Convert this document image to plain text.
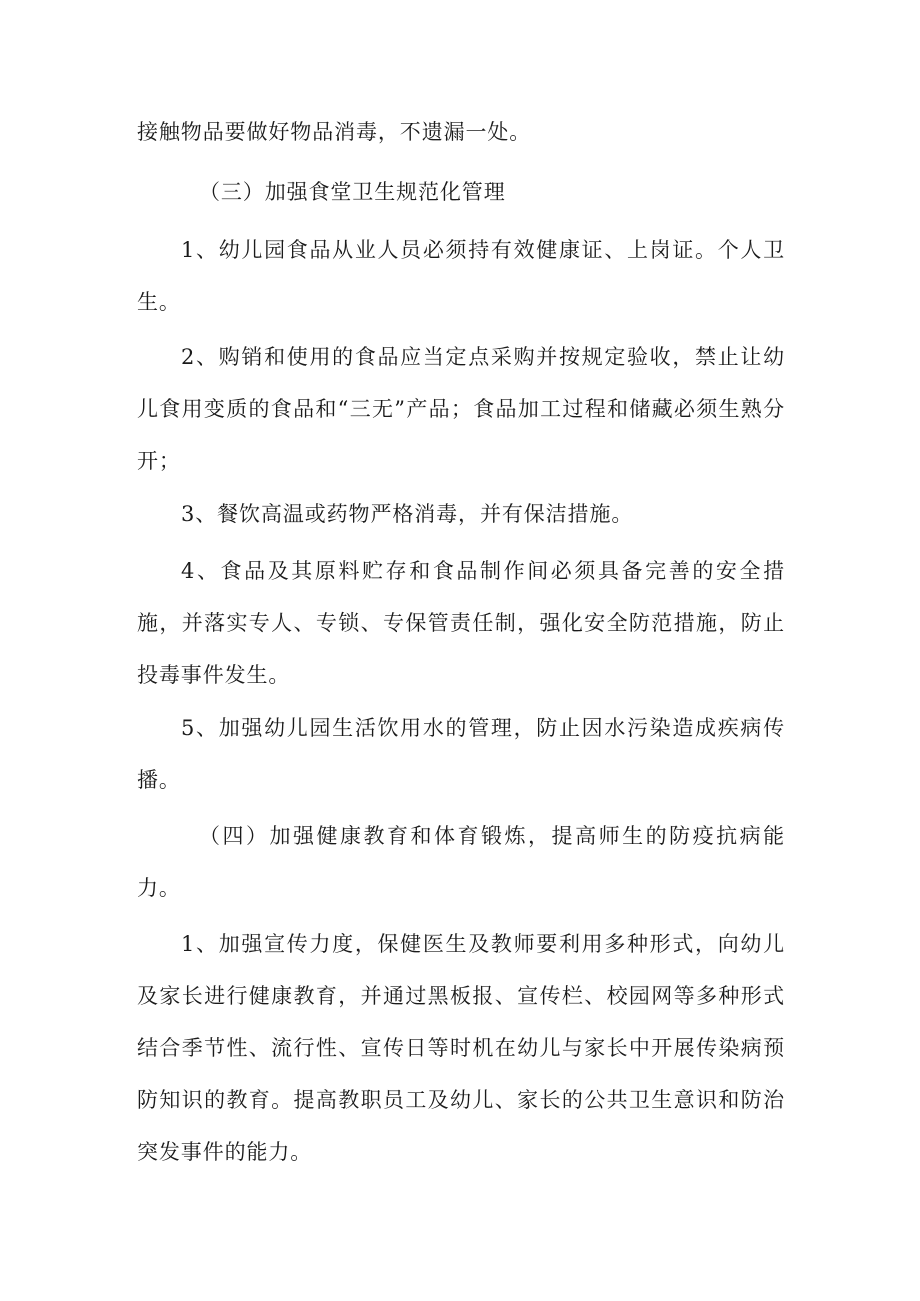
接触物品要做好物品消毒，不遗漏一处。

（三）加强食堂卫生规范化管理

1、幼儿园食品从业人员必须持有效健康证、上岗证。个人卫生。

2、购销和使用的食品应当定点采购并按规定验收，禁止让幼儿食用变质的食品和“三无”产品；食品加工过程和储藏必须生熟分开；

3、餐饮高温或药物严格消毒，并有保洁措施。

4、食品及其原料贮存和食品制作间必须具备完善的安全措施，并落实专人、专锁、专保管责任制，强化安全防范措施，防止投毒事件发生。

5、加强幼儿园生活饮用水的管理，防止因水污染造成疾病传播。

（四）加强健康教育和体育锻炼，提高师生的防疫抗病能力。

1、加强宣传力度，保健医生及教师要利用多种形式，向幼儿及家长进行健康教育，并通过黑板报、宣传栏、校园网等多种形式结合季节性、流行性、宣传日等时机在幼儿与家长中开展传染病预防知识的教育。提高教职员工及幼儿、家长的公共卫生意识和防治突发事件的能力。
